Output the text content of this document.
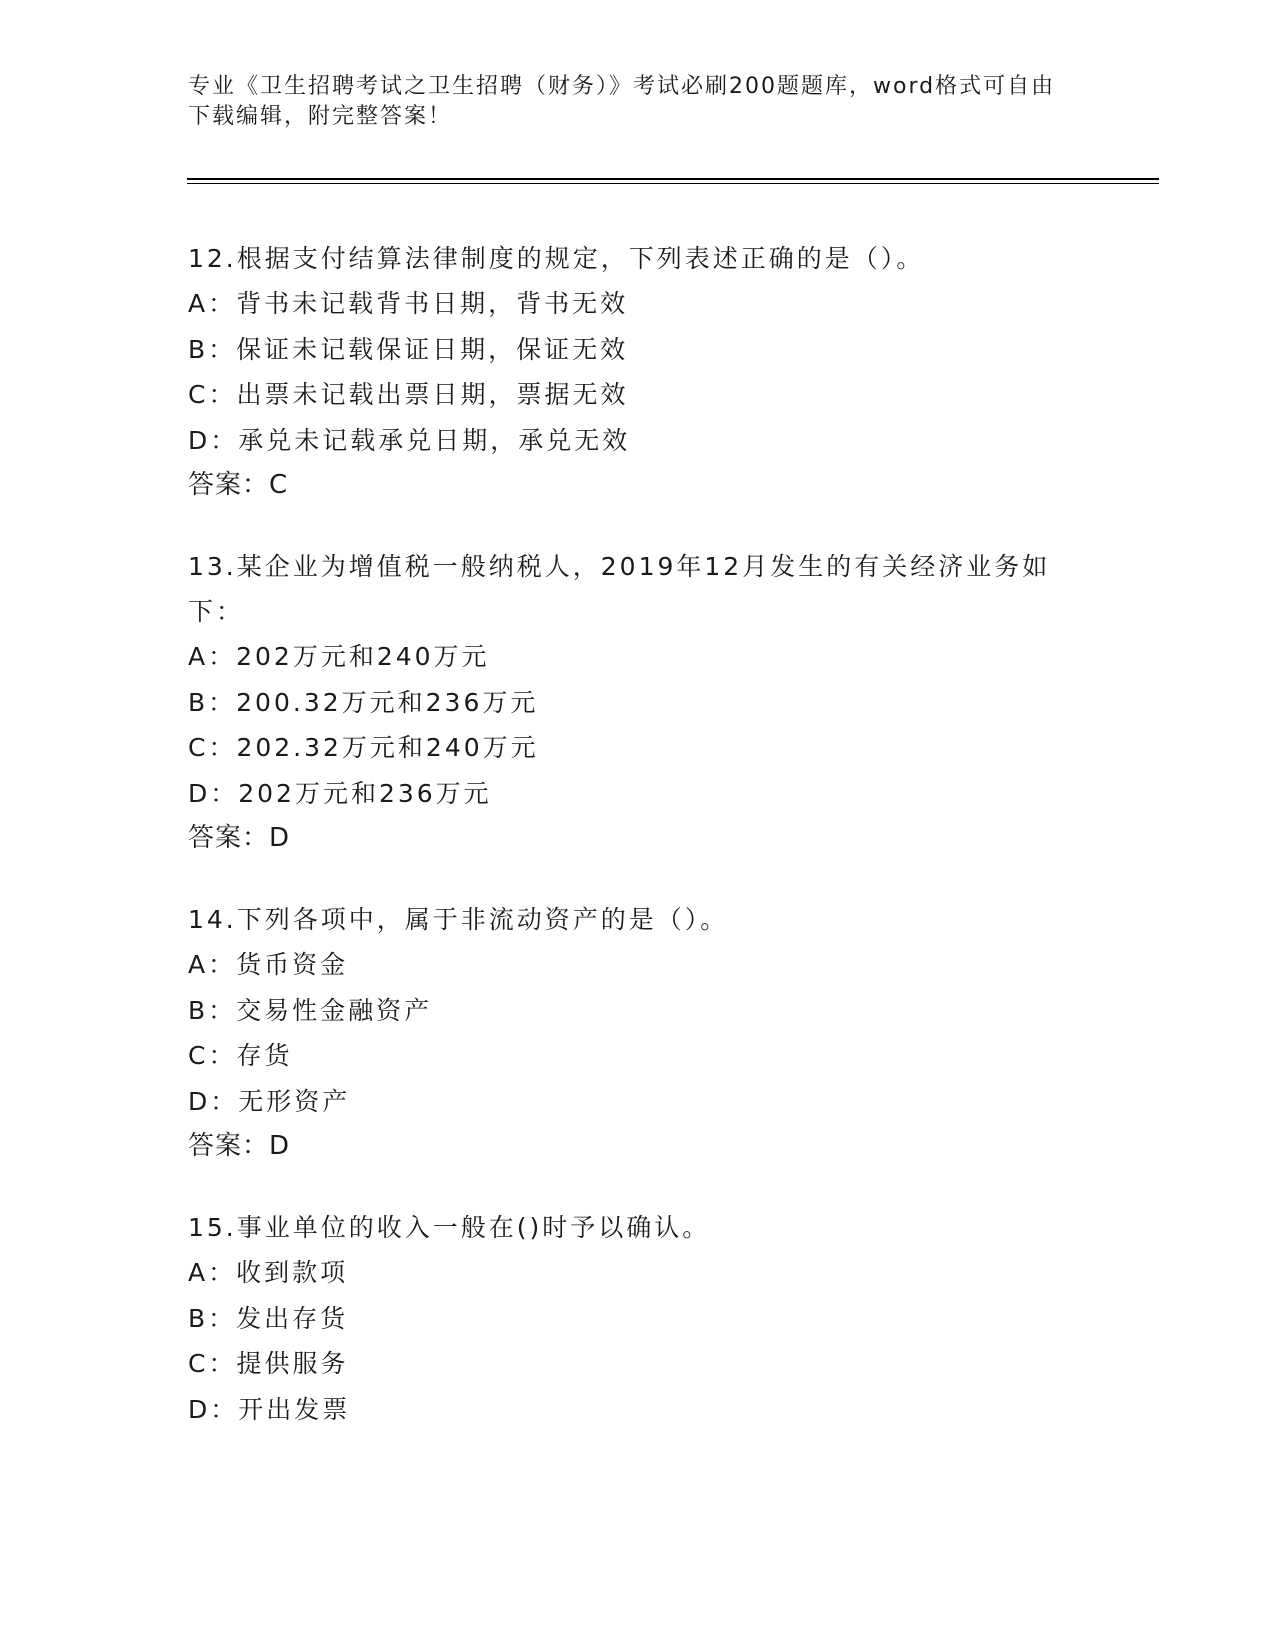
专业《卫生招聘考试之卫生招聘（财务）》考试必刷200题题库，word格式可自由下载编辑，附完整答案！
12.根据支付结算法律制度的规定，下列表述正确的是（）。
A：背书未记载背书日期，背书无效
B：保证未记载保证日期，保证无效
C：出票未记载出票日期，票据无效
D：承兑未记载承兑日期，承兑无效
答案：C
13.某企业为增值税一般纳税人，2019年12月发生的有关经济业务如下：
A：202万元和240万元
B：200.32万元和236万元
C：202.32万元和240万元
D：202万元和236万元
答案：D
14.下列各项中，属于非流动资产的是（）。
A：货币资金
B：交易性金融资产
C：存货
D：无形资产
答案：D
15.事业单位的收入一般在()时予以确认。
A：收到款项
B：发出存货
C：提供服务
D：开出发票
